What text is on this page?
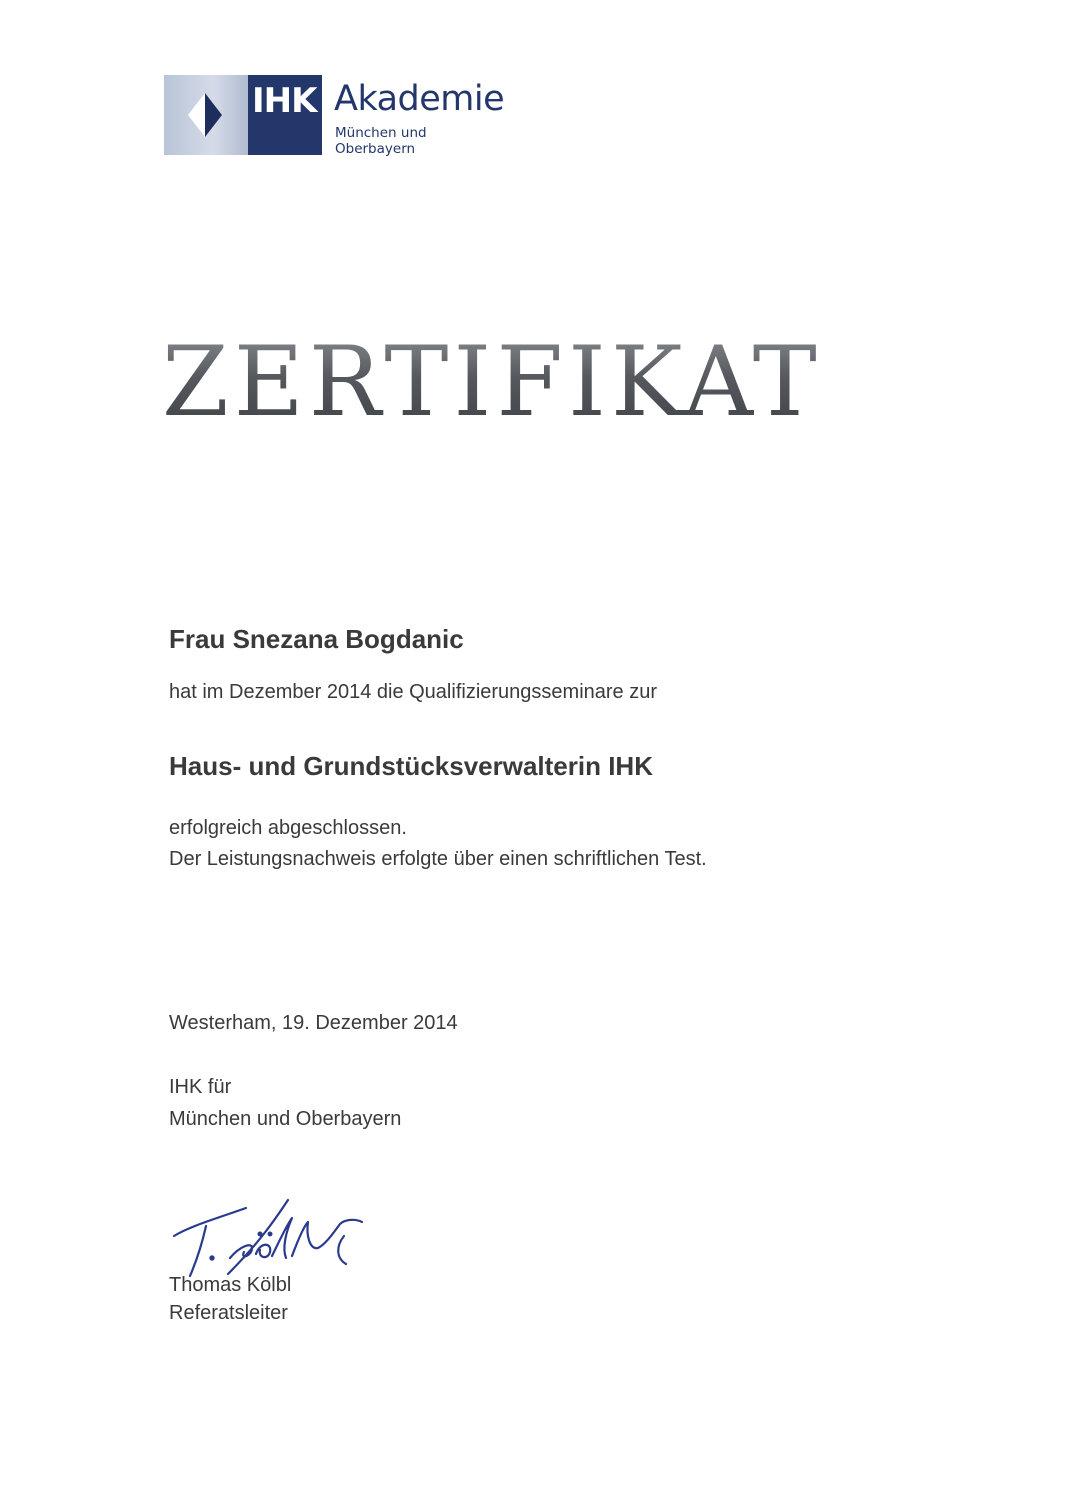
IHK Akademie
München und Oberbayern
ZERTIFIKAT
Frau Snezana Bogdanic
hat im Dezember 2014 die Qualifizierungsseminare zur
Haus- und Grundstücksverwalterin IHK
erfolgreich abgeschlossen.
Der Leistungsnachweis erfolgte über einen schriftlichen Test.
Westerham, 19. Dezember 2014
IHK für
München und Oberbayern
Thomas Kölbl
Referatsleiter
